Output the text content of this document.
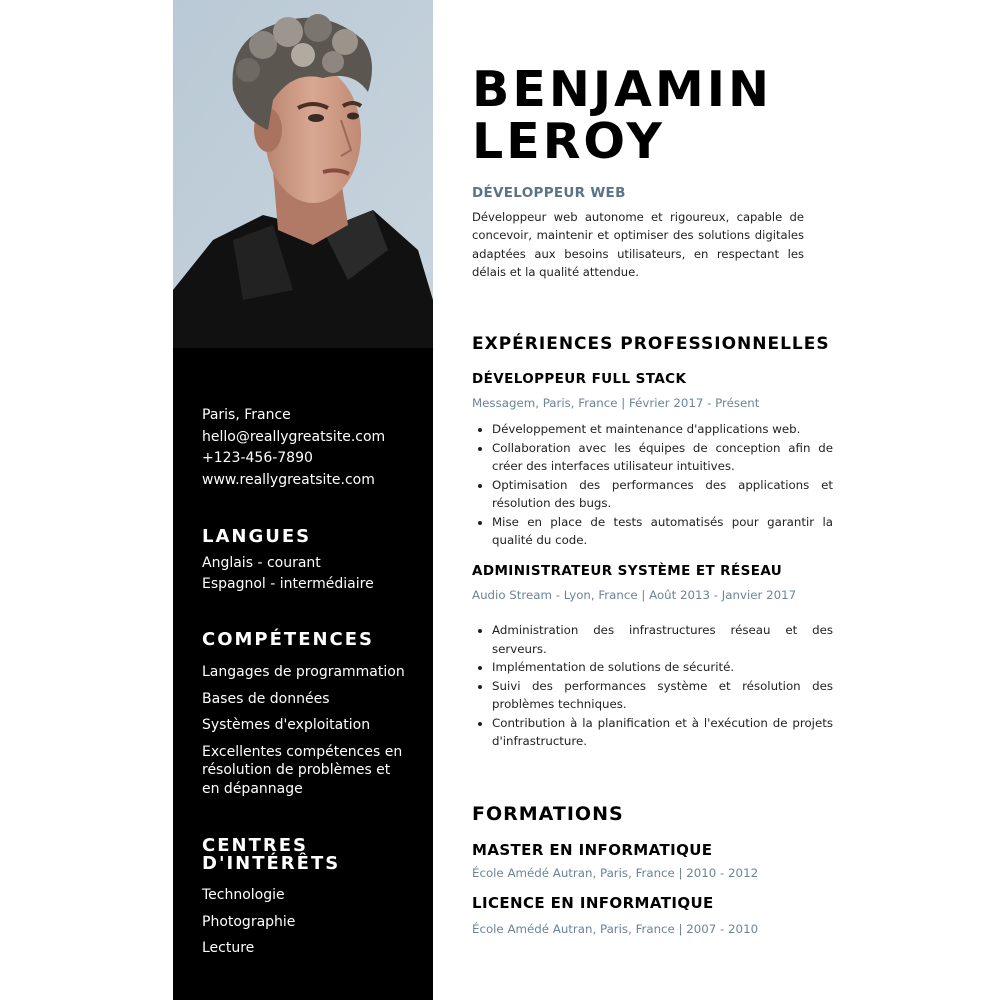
Paris, France
hello@reallygreatsite.com
+123-456-7890
www.reallygreatsite.com
LANGUES
Anglais - courant
Espagnol - intermédiaire
COMPÉTENCES
Langages de programmation
Bases de données
Systèmes d'exploitation
Excellentes compétences en résolution de problèmes et en dépannage
CENTRES D'INTÉRÊTS
Technologie
Photographie
Lecture
BENJAMIN
LEROY
DÉVELOPPEUR WEB
Développeur web autonome et rigoureux, capable de concevoir, maintenir et optimiser des solutions digitales adaptées aux besoins utilisateurs, en respectant les délais et la qualité attendue.
EXPÉRIENCES PROFESSIONNELLES
DÉVELOPPEUR FULL STACK
Messagem, Paris, France | Février 2017 - Présent
• Développement et maintenance d'applications web.
• Collaboration avec les équipes de conception afin de créer des interfaces utilisateur intuitives.
• Optimisation des performances des applications et résolution des bugs.
• Mise en place de tests automatisés pour garantir la qualité du code.
ADMINISTRATEUR SYSTÈME ET RÉSEAU
Audio Stream - Lyon, France | Août 2013 - Janvier 2017
• Administration des infrastructures réseau et des serveurs.
• Implémentation de solutions de sécurité.
• Suivi des performances système et résolution des problèmes techniques.
• Contribution à la planification et à l'exécution de projets d'infrastructure.
FORMATIONS
MASTER EN INFORMATIQUE
École Amédé Autran, Paris, France | 2010 - 2012
LICENCE EN INFORMATIQUE
École Amédé Autran, Paris, France | 2007 - 2010
